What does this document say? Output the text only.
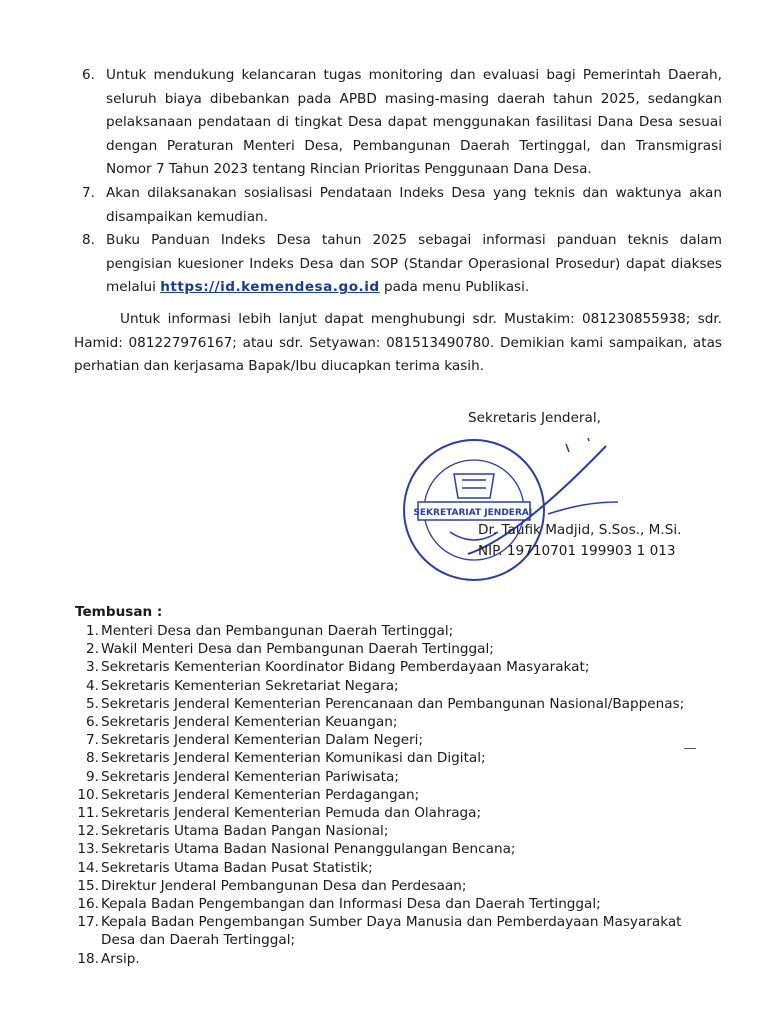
6. Untuk mendukung kelancaran tugas monitoring dan evaluasi bagi Pemerintah Daerah, seluruh biaya dibebankan pada APBD masing-masing daerah tahun 2025, sedangkan pelaksanaan pendataan di tingkat Desa dapat menggunakan fasilitasi Dana Desa sesuai dengan Peraturan Menteri Desa, Pembangunan Daerah Tertinggal, dan Transmigrasi Nomor 7 Tahun 2023 tentang Rincian Prioritas Penggunaan Dana Desa.
7. Akan dilaksanakan sosialisasi Pendataan Indeks Desa yang teknis dan waktunya akan disampaikan kemudian.
8. Buku Panduan Indeks Desa tahun 2025 sebagai informasi panduan teknis dalam pengisian kuesioner Indeks Desa dan SOP (Standar Operasional Prosedur) dapat diakses melalui https://id.kemendesa.go.id pada menu Publikasi.
Untuk informasi lebih lanjut dapat menghubungi sdr. Mustakim: 081230855938; sdr. Hamid: 081227976167; atau sdr. Setyawan: 081513490780. Demikian kami sampaikan, atas perhatian dan kerjasama Bapak/Ibu diucapkan terima kasih.
Sekretaris Jenderal,
SEKRETARIAT JENDERAL
Dr. Taufik Madjid, S.Sos., M.Si.
NIP. 19710701 199903 1 013
Tembusan :
1. Menteri Desa dan Pembangunan Daerah Tertinggal;
2. Wakil Menteri Desa dan Pembangunan Daerah Tertinggal;
3. Sekretaris Kementerian Koordinator Bidang Pemberdayaan Masyarakat;
4. Sekretaris Kementerian Sekretariat Negara;
5. Sekretaris Jenderal Kementerian Perencanaan dan Pembangunan Nasional/Bappenas;
6. Sekretaris Jenderal Kementerian Keuangan;
7. Sekretaris Jenderal Kementerian Dalam Negeri;
8. Sekretaris Jenderal Kementerian Komunikasi dan Digital;
9. Sekretaris Jenderal Kementerian Pariwisata;
10. Sekretaris Jenderal Kementerian Perdagangan;
11. Sekretaris Jenderal Kementerian Pemuda dan Olahraga;
12. Sekretaris Utama Badan Pangan Nasional;
13. Sekretaris Utama Badan Nasional Penanggulangan Bencana;
14. Sekretaris Utama Badan Pusat Statistik;
15. Direktur Jenderal Pembangunan Desa dan Perdesaan;
16. Kepala Badan Pengembangan dan Informasi Desa dan Daerah Tertinggal;
17. Kepala Badan Pengembangan Sumber Daya Manusia dan Pemberdayaan Masyarakat Desa dan Daerah Tertinggal;
18. Arsip.
